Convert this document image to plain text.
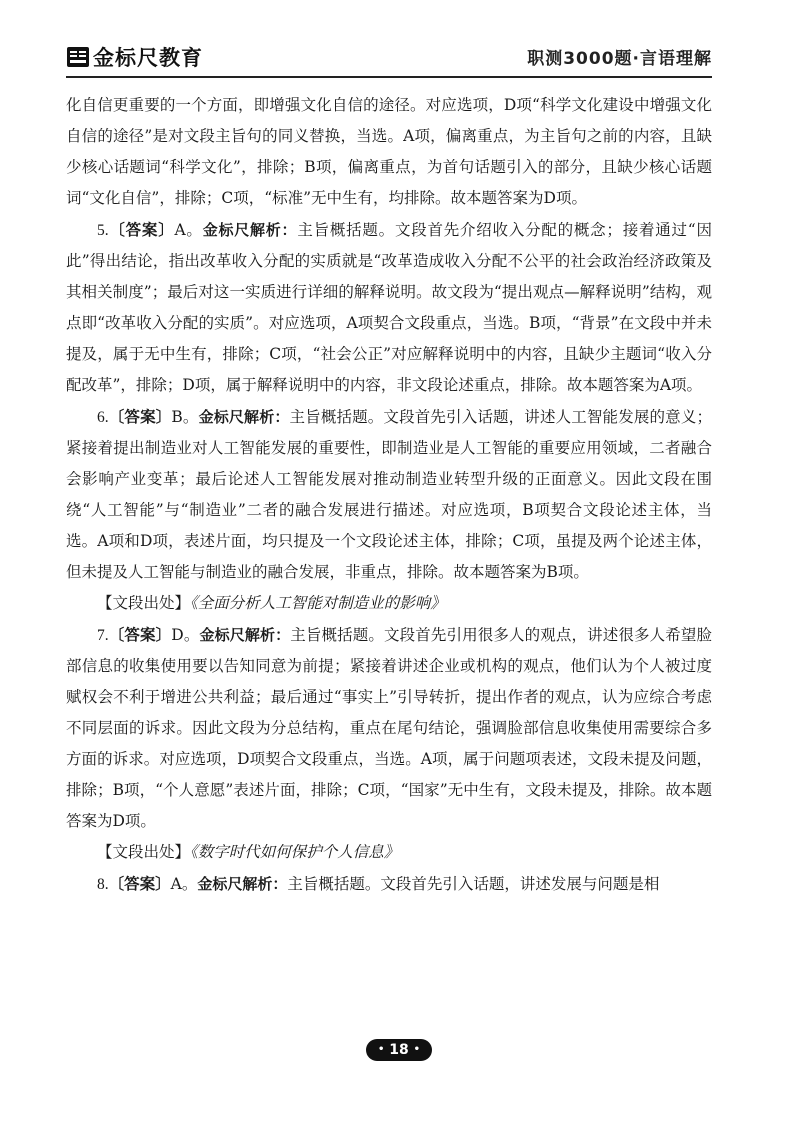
金标尺教育	职测3000题·言语理解

化自信更重要的一个方面，即增强文化自信的途径。对应选项，D项“科学文化建设中增强文化自信的途径”是对文段主旨句的同义替换，当选。A项，偏离重点，为主旨句之前的内容，且缺少核心话题词“科学文化”，排除；B项，偏离重点，为首句话题引入的部分，且缺少核心话题词“文化自信”，排除；C项，“标准”无中生有，均排除。故本题答案为D项。

5.〔答案〕A。金标尺解析：主旨概括题。文段首先介绍收入分配的概念；接着通过“因此”得出结论，指出改革收入分配的实质就是“改革造成收入分配不公平的社会政治经济政策及其相关制度”；最后对这一实质进行详细的解释说明。故文段为“提出观点—解释说明”结构，观点即“改革收入分配的实质”。对应选项，A项契合文段重点，当选。B项，“背景”在文段中并未提及，属于无中生有，排除；C项，“社会公正”对应解释说明中的内容，且缺少主题词“收入分配改革”，排除；D项，属于解释说明中的内容，非文段论述重点，排除。故本题答案为A项。

6.〔答案〕B。金标尺解析：主旨概括题。文段首先引入话题，讲述人工智能发展的意义；紧接着提出制造业对人工智能发展的重要性，即制造业是人工智能的重要应用领域，二者融合会影响产业变革；最后论述人工智能发展对推动制造业转型升级的正面意义。因此文段在围绕“人工智能”与“制造业”二者的融合发展进行描述。对应选项，B项契合文段论述主体，当选。A项和D项，表述片面，均只提及一个文段论述主体，排除；C项，虽提及两个论述主体，但未提及人工智能与制造业的融合发展，非重点，排除。故本题答案为B项。

【文段出处】《全面分析人工智能对制造业的影响》

7.〔答案〕D。金标尺解析：主旨概括题。文段首先引用很多人的观点，讲述很多人希望脸部信息的收集使用要以告知同意为前提；紧接着讲述企业或机构的观点，他们认为个人被过度赋权会不利于增进公共利益；最后通过“事实上”引导转折，提出作者的观点，认为应综合考虑不同层面的诉求。因此文段为分总结构，重点在尾句结论，强调脸部信息收集使用需要综合多方面的诉求。对应选项，D项契合文段重点，当选。A项，属于问题项表述，文段未提及问题，排除；B项，“个人意愿”表述片面，排除；C项，“国家”无中生有，文段未提及，排除。故本题答案为D项。

【文段出处】《数字时代如何保护个人信息》

8.〔答案〕A。金标尺解析：主旨概括题。文段首先引入话题，讲述发展与问题是相

• 18 •
